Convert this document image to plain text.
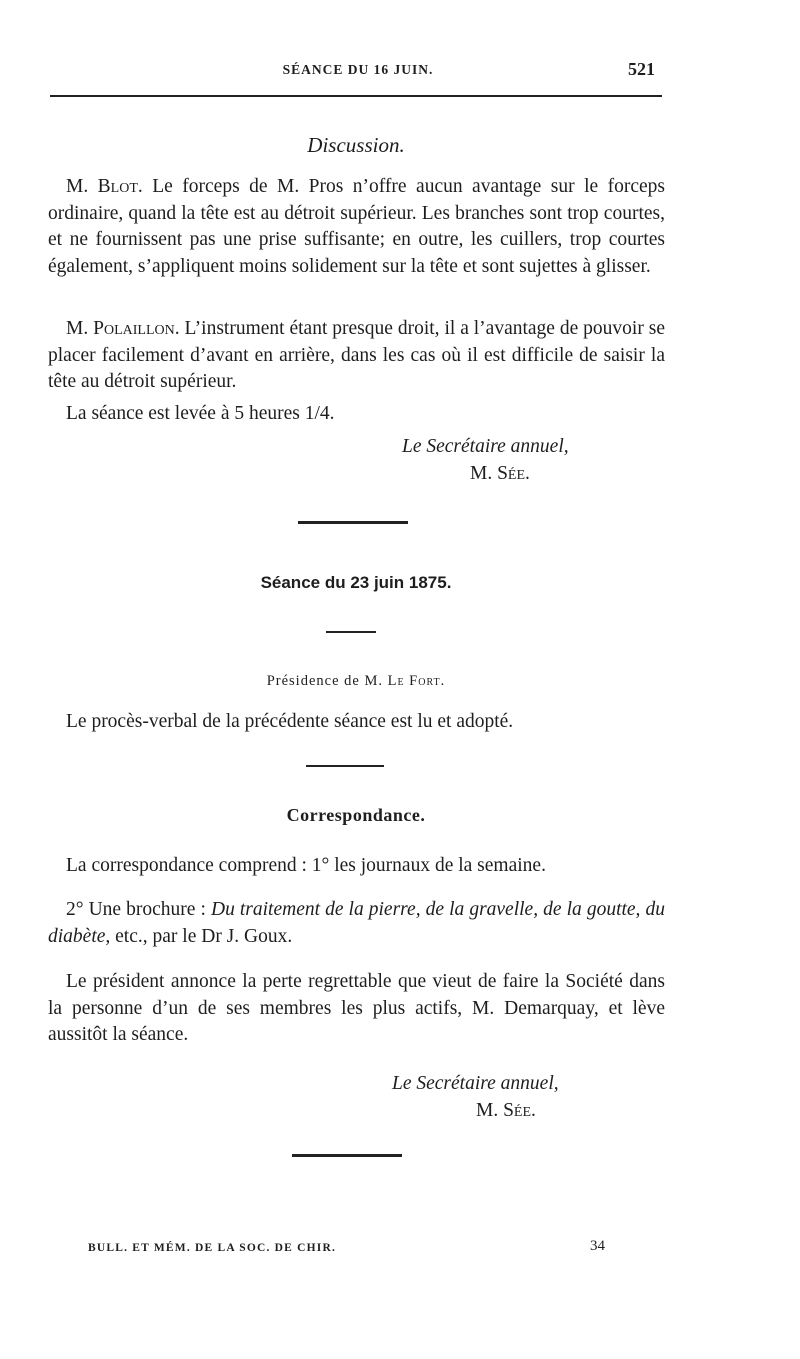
SÉANCE DU 16 JUIN.	521
Discussion.

M. Blot. Le forceps de M. Pros n’offre aucun avantage sur le forceps ordinaire, quand la tête est au détroit supérieur. Les branches sont trop courtes, et ne fournissent pas une prise suffisante; en outre, les cuillers, trop courtes également, s’appliquent moins solidement sur la tête et sont sujettes à glisser.

M. Polaillon. L’instrument étant presque droit, il a l’avantage de pouvoir se placer facilement d’avant en arrière, dans les cas où il est difficile de saisir la tête au détroit supérieur.

La séance est levée à 5 heures 1/4.

Le Secrétaire annuel,
M. Sée.
Séance du 23 juin 1875.
Présidence de M. Le Fort.

Le procès-verbal de la précédente séance est lu et adopté.

Correspondance.

La correspondance comprend : 1° les journaux de la semaine.

2° Une brochure : Du traitement de la pierre, de la gravelle, de la goutte, du diabète, etc., par le Dr J. Goux.

Le président annonce la perte regrettable que vieut de faire la Société dans la personne d’un de ses membres les plus actifs, M. Demarquay, et lève aussitôt la séance.

Le Secrétaire annuel,
M. Sée.
BULL. ET MÉM. DE LA SOC. DE CHIR.	34
